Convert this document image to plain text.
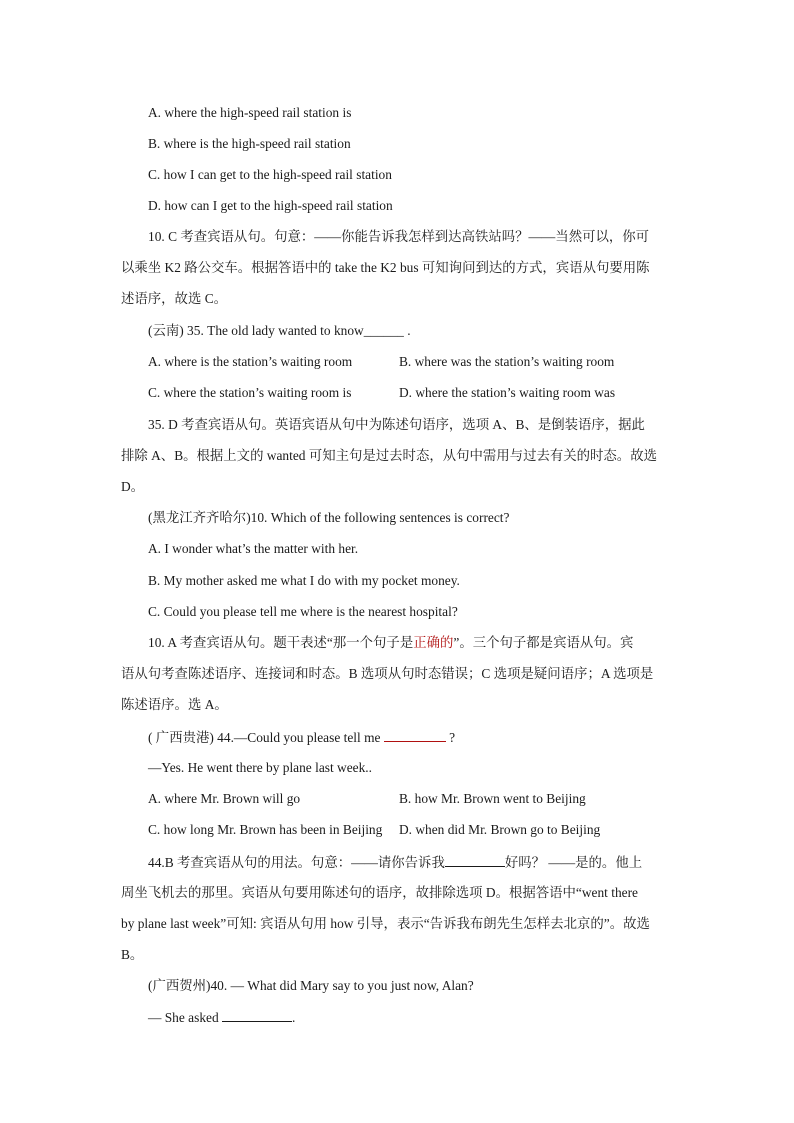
A. where the high-speed rail station is
B. where is the high-speed rail station
C. how I can get to the high-speed rail station
D. how can I get to the high-speed rail station
10. C 考查宾语从句。句意：——你能告诉我怎样到达高铁站吗？——当然可以，你可
以乘坐 K2 路公交车。根据答语中的 take the K2 bus 可知询问到达的方式，宾语从句要用陈
述语序，故选 C。
(云南) 35. The old lady wanted to know______ .
A. where is the station’s waiting room	B. where was the station’s waiting room
C. where the station’s waiting room is	D. where the station’s waiting room was
35. D 考查宾语从句。英语宾语从句中为陈述句语序，选项 A、B、是倒装语序，据此
排除 A、B。根据上文的 wanted 可知主句是过去时态，从句中需用与过去有关的时态。故选
D。
(黑龙江齐齐哈尔)10. Which of the following sentences is correct?
A. I wonder what’s the matter with her.
B. My mother asked me what I do with my pocket money.
C. Could you please tell me where is the nearest hospital?
10. A 考查宾语从句。题干表述“那一个句子是正确的”。三个句子都是宾语从句。宾
语从句考查陈述语序、连接词和时态。B 选项从句时态错误；C 选项是疑问语序；A 选项是
陈述语序。选 A。
( 广西贵港) 44.—Could you please tell me	?
—Yes. He went there by plane last week..
A. where Mr. Brown will go	B. how Mr. Brown went to Beijing
C. how long Mr. Brown has been in Beijing D. when did Mr. Brown go to Beijing
44.B 考查宾语从句的用法。句意：——请你告诉我	好吗？ ——是的。他上
周坐飞机去的那里。宾语从句要用陈述句的语序，故排除选项 D。根据答语中“went there
by plane last week”可知: 宾语从句用 how 引导，表示“告诉我布朗先生怎样去北京的”。故选
B。
(广西贺州)40. — What did Mary say to you just now, Alan?
— She asked	.
